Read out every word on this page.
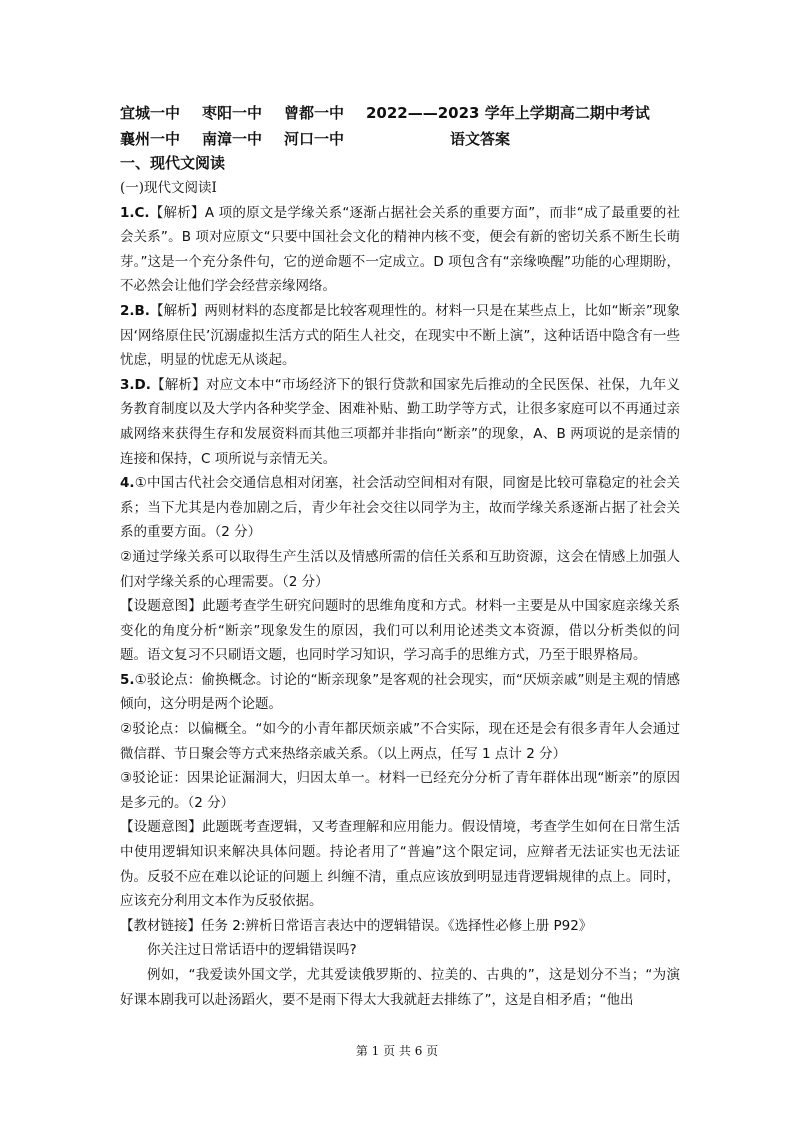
宜城一中 枣阳一中 曾都一中 2022——2023 学年上学期高二期中考试
襄州一中 南漳一中 河口一中	语文答案
一、现代文阅读
(一)现代文阅读Ⅰ

1.C.【解析】A 项的原文是学缘关系“逐渐占据社会关系的重要方面”，而非“成了最重要的社会关系”。B 项对应原文“只要中国社会文化的精神内核不变，便会有新的密切关系不断生长萌芽。”这是一个充分条件句，它的逆命题不一定成立。D 项包含有“亲缘唤醒”功能的心理期盼，不必然会让他们学会经营亲缘网络。

2.B.【解析】两则材料的态度都是比较客观理性的。材料一只是在某些点上，比如“断亲”现象因‘网络原住民’沉溺虚拟生活方式的陌生人社交，在现实中不断上演”，这种话语中隐含有一些忧虑，明显的忧虑无从谈起。

3.D.【解析】对应文本中“市场经济下的银行贷款和国家先后推动的全民医保、社保，九年义务教育制度以及大学内各种奖学金、困难补贴、勤工助学等方式，让很多家庭可以不再通过亲戚网络来获得生存和发展资料而其他三项都并非指向“断亲”的现象，A、B 两项说的是亲情的连接和保持，C 项所说与亲情无关。

4.①中国古代社会交通信息相对闭塞，社会活动空间相对有限，同窗是比较可靠稳定的社会关系；当下尤其是内卷加剧之后，青少年社会交往以同学为主，故而学缘关系逐渐占据了社会关系的重要方面。（2 分）

②通过学缘关系可以取得生产生活以及情感所需的信任关系和互助资源，这会在情感上加强人们对学缘关系的心理需要。（2 分）

【设题意图】此题考查学生研究问题时的思维角度和方式。材料一主要是从中国家庭亲缘关系变化的角度分析“断亲”现象发生的原因，我们可以利用论述类文本资源，借以分析类似的问题。语文复习不只刷语文题，也同时学习知识，学习高手的思维方式，乃至于眼界格局。

5.①驳论点：偷换概念。讨论的“断亲现象”是客观的社会现实，而“厌烦亲戚”则是主观的情感倾向，这分明是两个论题。

②驳论点：以偏概全。“如今的小青年都厌烦亲戚”不合实际，现在还是会有很多青年人会通过微信群、节日聚会等方式来热络亲戚关系。（以上两点，任写 1 点计 2 分）

③驳论证：因果论证漏洞大，归因太单一。材料一已经充分分析了青年群体出现“断亲”的原因是多元的。（2 分）

【设题意图】此题既考查逻辑，又考查理解和应用能力。假设情境，考查学生如何在日常生活中使用逻辑知识来解决具体问题。持论者用了“普遍”这个限定词，应辩者无法证实也无法证伪。反驳不应在难以论证的问题上 纠缠不清，重点应该放到明显违背逻辑规律的点上。同时，应该充分利用文本作为反驳依据。

【教材链接】任务 2:辨析日常语言表达中的逻辑错误。《选择性必修上册 P92》

你关注过日常话语中的逻辑错误吗?

例如，“我爱读外国文学，尤其爱读俄罗斯的、拉美的、古典的”，这是划分不当；“为演好课本剧我可以赴汤蹈火，要不是雨下得太大我就赶去排练了”，这是自相矛盾；“他出

第 1 页 共 6 页
